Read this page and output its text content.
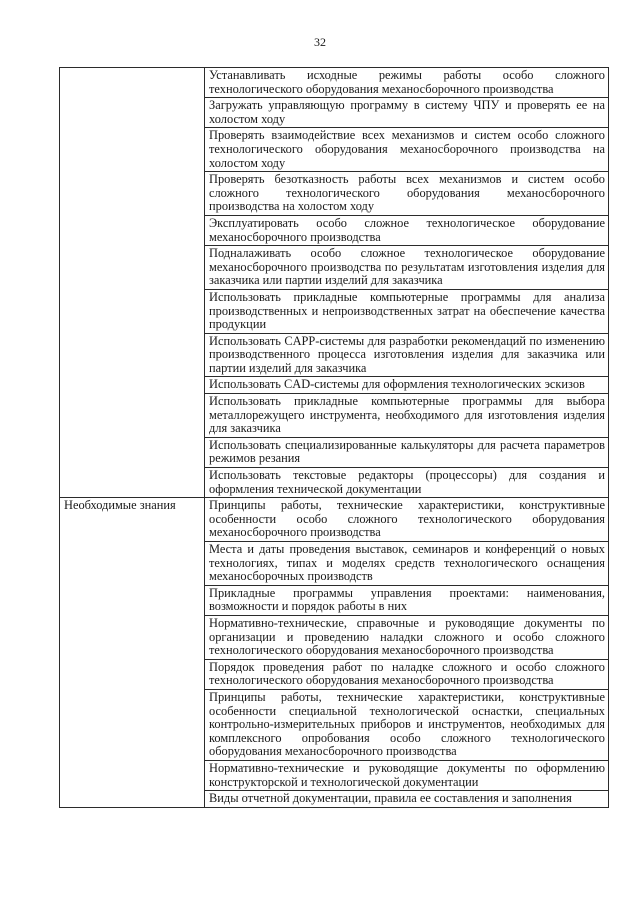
32
	Устанавливать исходные режимы работы особо сложного технологического оборудования механосборочного производства
	Загружать управляющую программу в систему ЧПУ и проверять ее на холостом ходу
	Проверять взаимодействие всех механизмов и систем особо сложного технологического оборудования механосборочного производства на холостом ходу
	Проверять безотказность работы всех механизмов и систем особо сложного технологического оборудования механосборочного производства на холостом ходу
	Эксплуатировать особо сложное технологическое оборудование механосборочного производства
	Подналаживать особо сложное технологическое оборудование механосборочного производства по результатам изготовления изделия для заказчика или партии изделий для заказчика
	Использовать прикладные компьютерные программы для анализа производственных и непроизводственных затрат на обеспечение качества продукции
	Использовать CAPP-системы для разработки рекомендаций по изменению производственного процесса изготовления изделия для заказчика или партии изделий для заказчика
	Использовать CAD-системы для оформления технологических эскизов
	Использовать прикладные компьютерные программы для выбора металлорежущего инструмента, необходимого для изготовления изделия для заказчика
	Использовать специализированные калькуляторы для расчета параметров режимов резания
	Использовать текстовые редакторы (процессоры) для создания и оформления технической документации
Необходимые знания	Принципы работы, технические характеристики, конструктивные особенности особо сложного технологического оборудования механосборочного производства
	Места и даты проведения выставок, семинаров и конференций о новых технологиях, типах и моделях средств технологического оснащения механосборочных производств
	Прикладные программы управления проектами: наименования, возможности и порядок работы в них
	Нормативно-технические, справочные и руководящие документы по организации и проведению наладки сложного и особо сложного технологического оборудования механосборочного производства
	Порядок проведения работ по наладке сложного и особо сложного технологического оборудования механосборочного производства
	Принципы работы, технические характеристики, конструктивные особенности специальной технологической оснастки, специальных контрольно-измерительных приборов и инструментов, необходимых для комплексного опробования особо сложного технологического оборудования механосборочного производства
	Нормативно-технические и руководящие документы по оформлению конструкторской и технологической документации
	Виды отчетной документации, правила ее составления и заполнения
